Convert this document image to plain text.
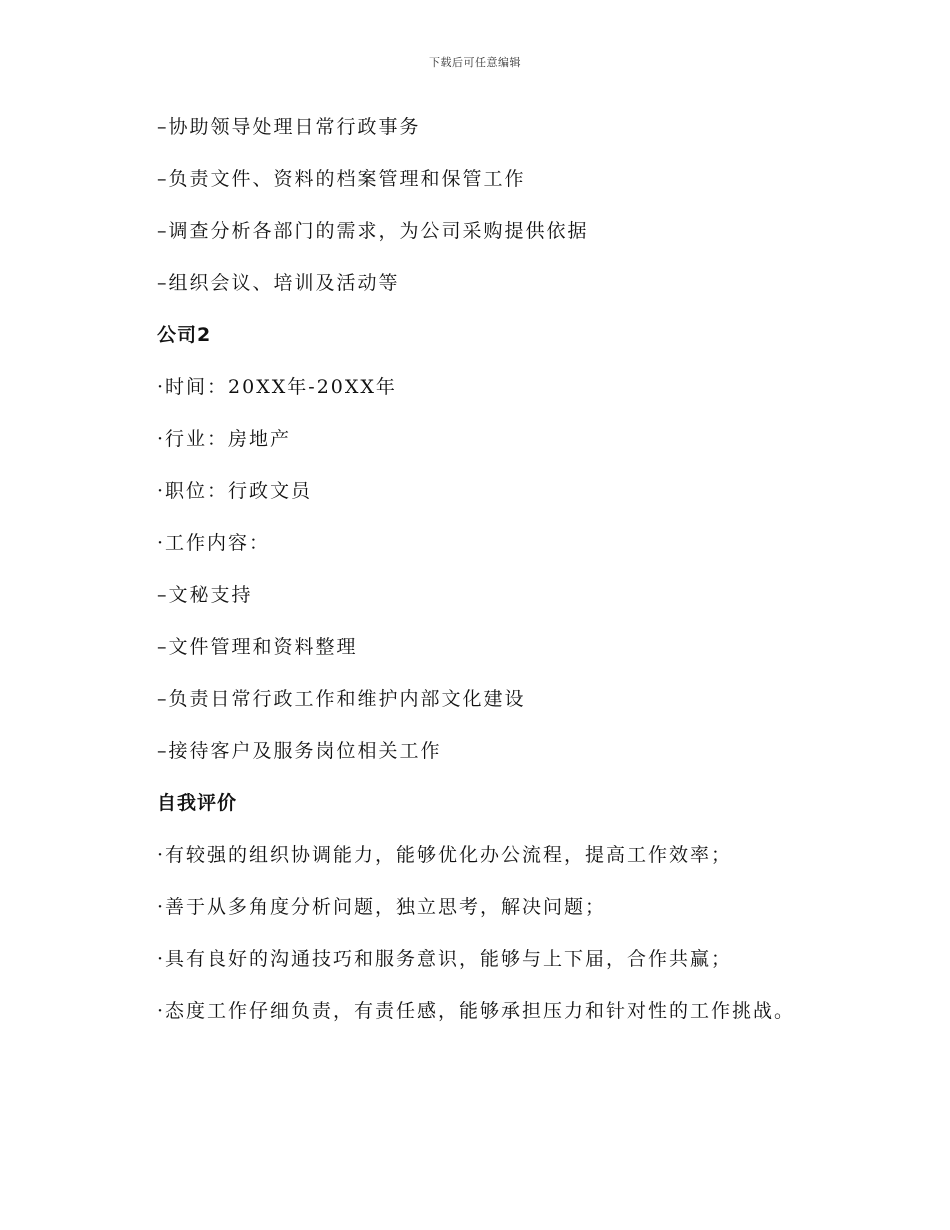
下载后可任意编辑
–协助领导处理日常行政事务
–负责文件、资料的档案管理和保管工作
–调查分析各部门的需求，为公司采购提供依据
–组织会议、培训及活动等
公司2
·时间：20XX年-20XX年
·行业：房地产
·职位：行政文员
·工作内容：
–文秘支持
–文件管理和资料整理
–负责日常行政工作和维护内部文化建设
–接待客户及服务岗位相关工作
自我评价
·有较强的组织协调能力，能够优化办公流程，提高工作效率；
·善于从多角度分析问题，独立思考，解决问题；
·具有良好的沟通技巧和服务意识，能够与上下届，合作共赢；
·态度工作仔细负责，有责任感，能够承担压力和针对性的工作挑战。
